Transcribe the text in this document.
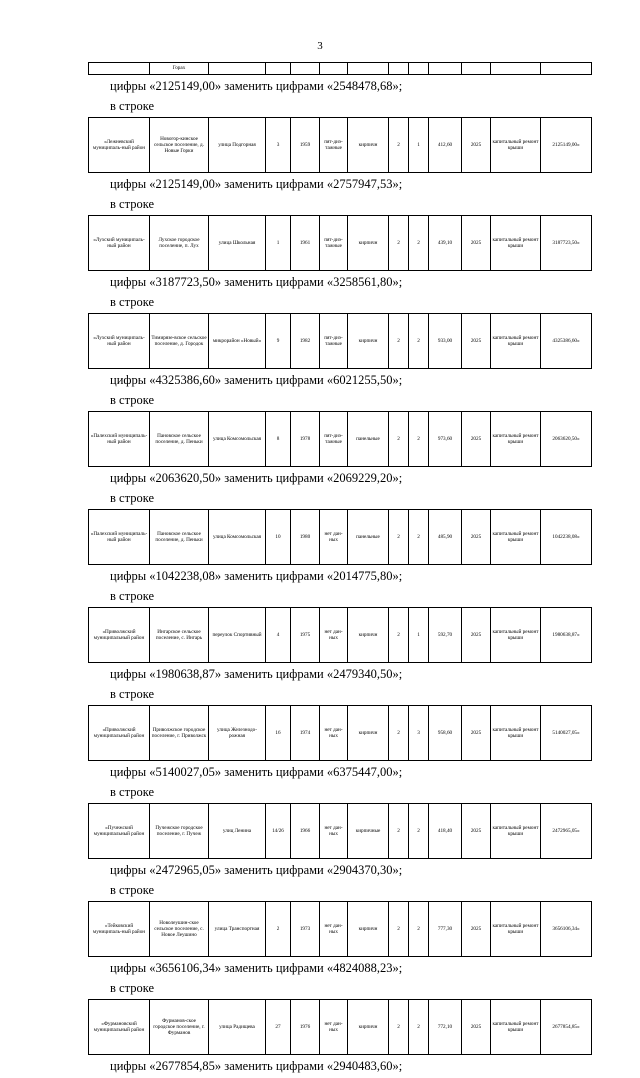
3
	Горах											
цифры «2125149,00» заменить цифрами «2548478,68»;
в строке
«Лежневский муниципаль-ный район	Новогор-кинское сельское поселение, д. Новые Горки	улица Подгорная	3	1959	пят-диэ-тажные	кирпичн	2	1	412,60	2025	капитальный ремонт крыши	2125149,00«
цифры «2125149,00» заменить цифрами «2757947,53»;
в строке
«Лухский муниципаль-ный район	Лухское городское поселение, п. Лух	улица Школьная	1	1961	пят-диэ-тажные	кирпичн	2	2	439,10	2025	капитальный ремонт крыши	3187723,50«
цифры «3187723,50» заменить цифрами «3258561,80»;
в строке
«Лухский муниципаль-ный район	Тимирязе-вское сельское поселение, д. Городок	микрорайон «Новый»	9	1982	пят-диэ-тажные	кирпичн	2	2	933,00	2025	капитальный ремонт крыши	4325386,60«
цифры «4325386,60» заменить цифрами «6021255,50»;
в строке
«Палехский муниципаль-ный район	Пановское сельское поселение, д. Пеньки	улица Комсомольская	8	1978	пят-диэ-тажные	панельные	2	2	973,60	2025	капитальный ремонт крыши	2063620,50«
цифры «2063620,50» заменить цифрами «2069229,20»;
в строке
«Палехский муниципаль-ный район	Пановское сельское поселение, д. Пеньки	улица Комсомольская	10	1980	нет дан-ных	панельные	2	2	485,90	2025	капитальный ремонт крыши	1042238,08«
цифры «1042238,08» заменить цифрами «2014775,80»;
в строке
«Приволжский муниципальный район	Ингарское сельское поселение, с. Ингарь	переулок Спортивный	4	1975	нет дан-ных	кирпичн	2	1	592,70	2025	капитальный ремонт крыши	1980638,87«
цифры «1980638,87» заменить цифрами «2479340,50»;
в строке
«Приволжский муниципальный район	Приволжское городское поселение, г. Приволжск	улица Железнодо-рожная	16	1974	нет дан-ных	кирпичн	2	3	958,60	2025	капитальный ремонт крыши	5140027,05«
цифры «5140027,05» заменить цифрами «6375447,00»;
в строке
«Пучежский муниципальный район	Пучежское городское поселение, г. Пучеж	улиц Ленина	14/26	1966	нет дан-ных	кирпичные	2	2	418,40	2025	капитальный ремонт крыши	2472965,05«
цифры «2472965,05» заменить цифрами «2904370,30»;
в строке
«Тейковский муниципаль-ный район	Новолеушин-ское сельское поселение, с. Новое Леушино	улица Транспортная	2	1973	нет дан-ных	кирпичн	2	2	777,30	2025	капитальный ремонт крыши	3656106,34«
цифры «3656106,34» заменить цифрами «4824088,23»;
в строке
«Фурмановский муниципальный район	Фурманов-ское городское поселение, г. Фурманов	улица Радищева	27	1976	нет дан-ных	кирпичн	2	2	772,10	2025	капитальный ремонт крыши	2677854,85«
цифры «2677854,85» заменить цифрами «2940483,60»;
